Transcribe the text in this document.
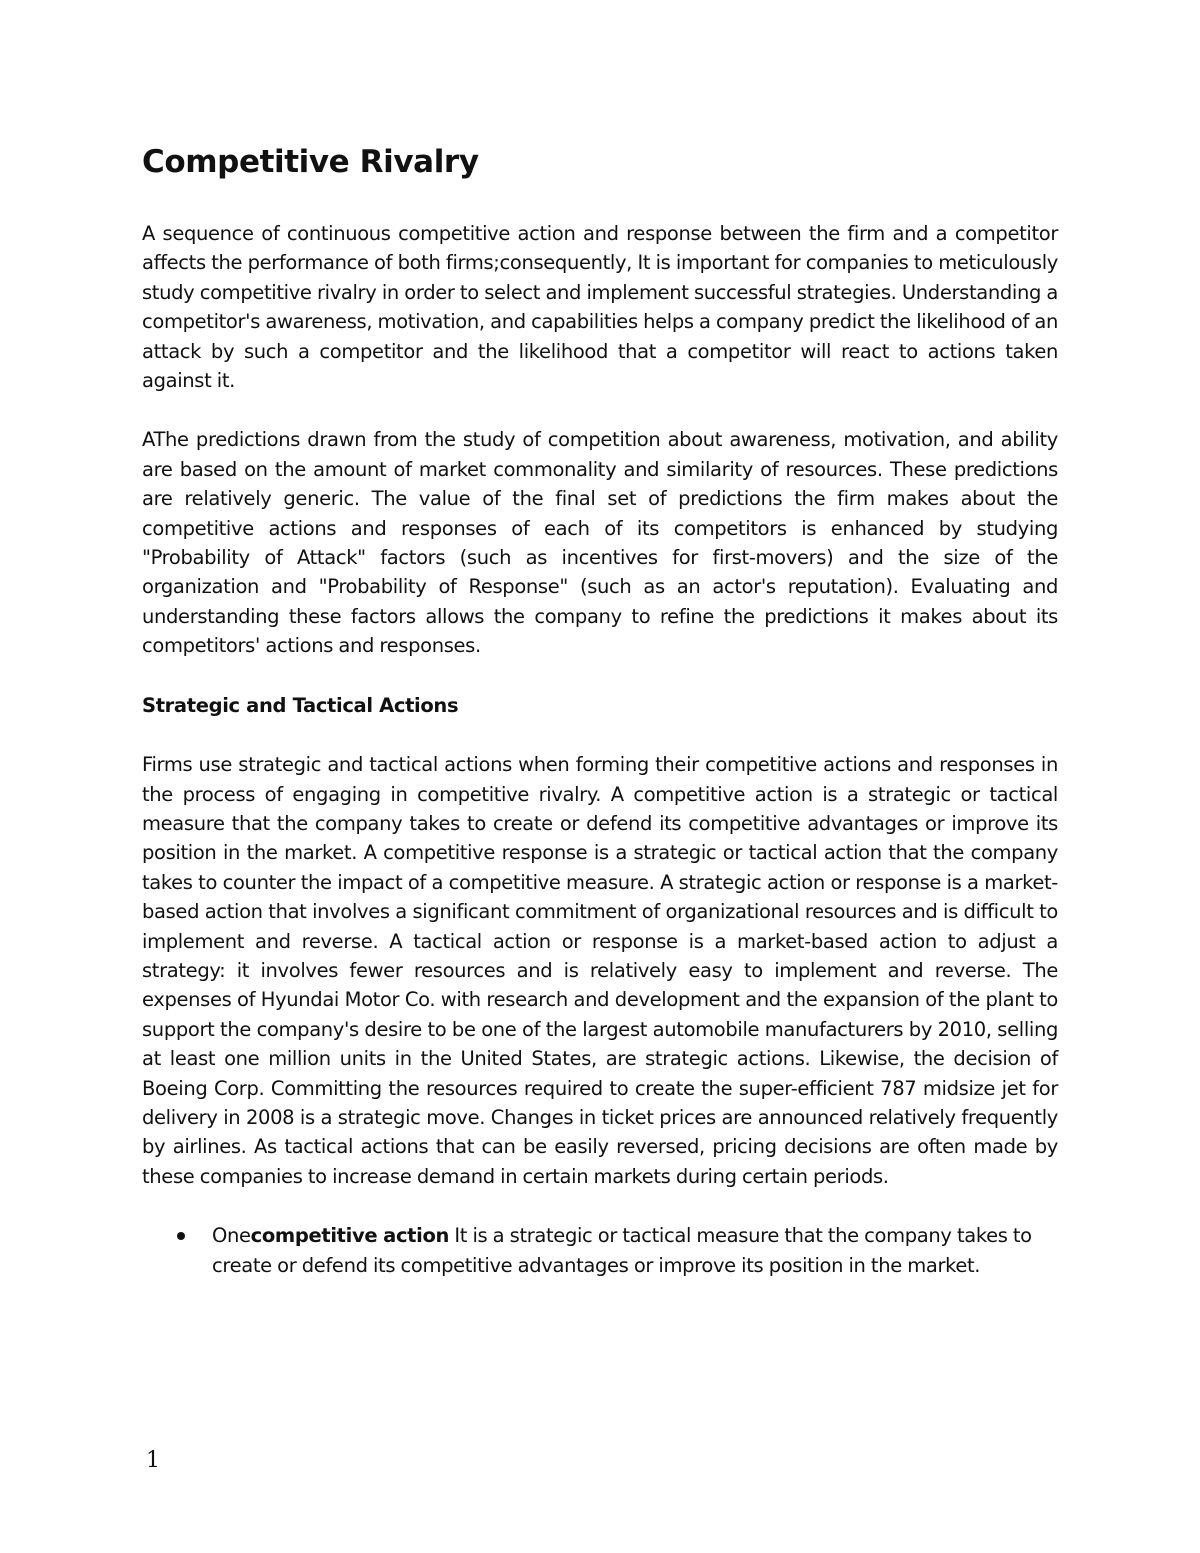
Competitive Rivalry

A sequence of continuous competitive action and response between the firm and a competitor affects the performance of both firms;consequently, It is important for companies to meticulously study competitive rivalry in order to select and implement successful strategies. Understanding a competitor's awareness, motivation, and capabilities helps a company predict the likelihood of an attack by such a competitor and the likelihood that a competitor will react to actions taken against it.

AThe predictions drawn from the study of competition about awareness, motivation, and ability are based on the amount of market commonality and similarity of resources. These predictions are relatively generic. The value of the final set of predictions the firm makes about the competitive actions and responses of each of its competitors is enhanced by studying "Probability of Attack" factors (such as incentives for first-movers) and the size of the organization and "Probability of Response" (such as an actor's reputation). Evaluating and understanding these factors allows the company to refine the predictions it makes about its competitors' actions and responses.

Strategic and Tactical Actions

Firms use strategic and tactical actions when forming their competitive actions and responses in the process of engaging in competitive rivalry. A competitive action is a strategic or tactical measure that the company takes to create or defend its competitive advantages or improve its position in the market. A competitive response is a strategic or tactical action that the company takes to counter the impact of a competitive measure. A strategic action or response is a market-based action that involves a significant commitment of organizational resources and is difficult to implement and reverse. A tactical action or response is a market-based action to adjust a strategy: it involves fewer resources and is relatively easy to implement and reverse. The expenses of Hyundai Motor Co. with research and development and the expansion of the plant to support the company's desire to be one of the largest automobile manufacturers by 2010, selling at least one million units in the United States, are strategic actions. Likewise, the decision of Boeing Corp. Committing the resources required to create the super-efficient 787 midsize jet for delivery in 2008 is a strategic move. Changes in ticket prices are announced relatively frequently by airlines. As tactical actions that can be easily reversed, pricing decisions are often made by these companies to increase demand in certain markets during certain periods.

Onecompetitive action It is a strategic or tactical measure that the company takes to create or defend its competitive advantages or improve its position in the market.
1
